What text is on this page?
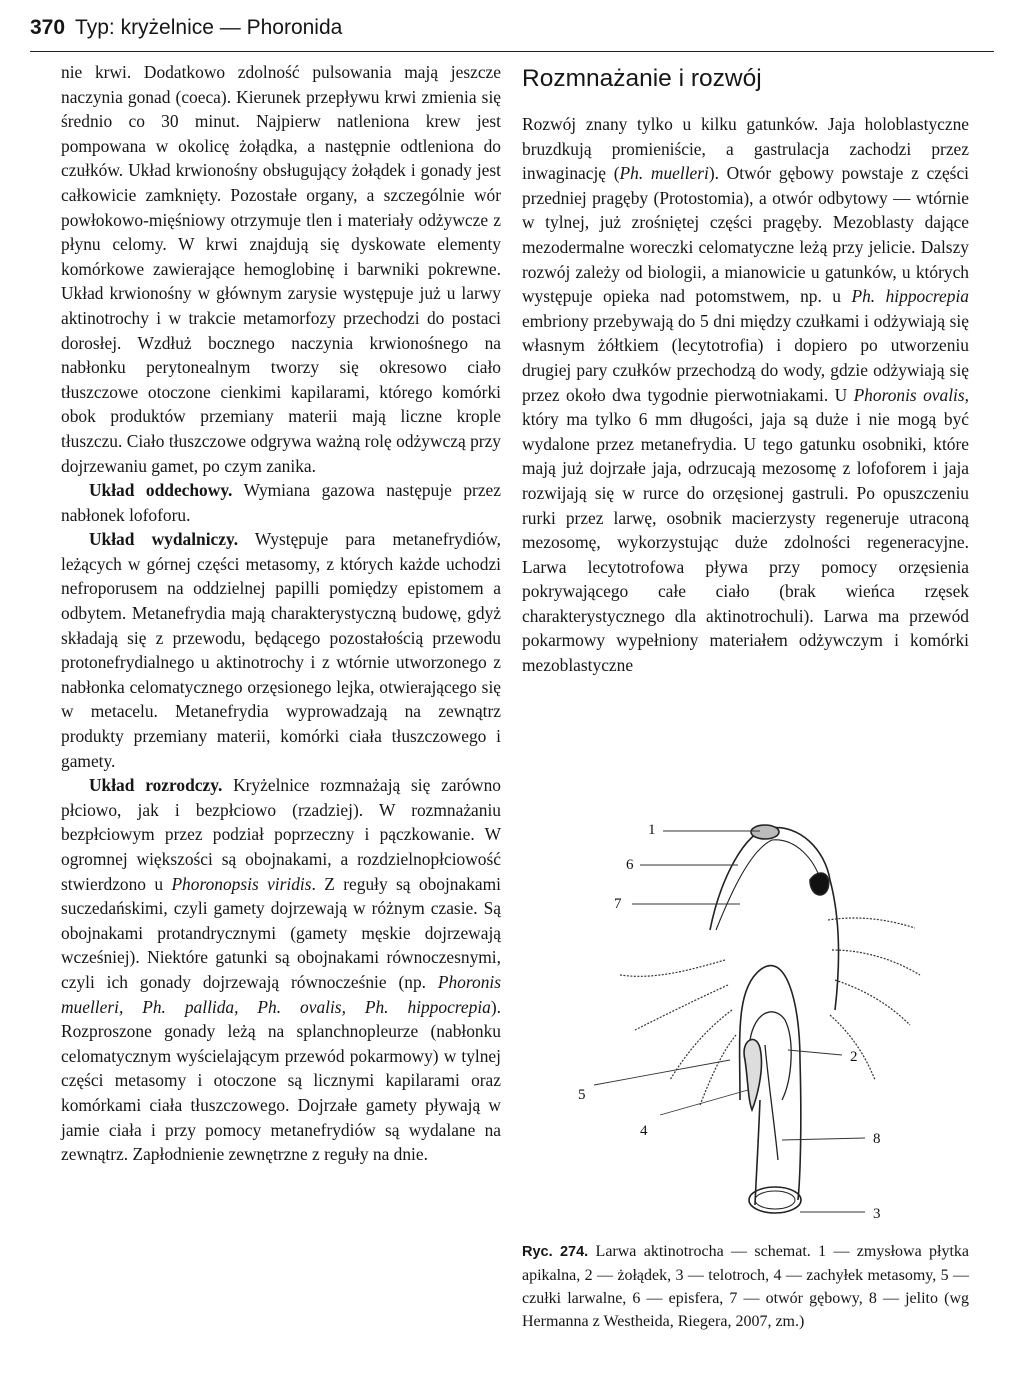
370 Typ: kryżelnice — Phoronida

nie krwi. Dodatkowo zdolność pulsowania mają jeszcze naczynia gonad (coeca). Kierunek przepływu krwi zmienia się średnio co 30 minut. Najpierw natleniona krew jest pompowana w okolicę żołądka, a następnie odtleniona do czułków. Układ krwionośny obsługujący żołądek i gonady jest całkowicie zamknięty. Pozostałe organy, a szczególnie wór powłokowo-mięśniowy otrzymuje tlen i materiały odżywcze z płynu celomy. W krwi znajdują się dyskowate elementy komórkowe zawierające hemoglobinę i barwniki pokrewne. Układ krwionośny w głównym zarysie występuje już u larwy aktinotrochy i w trakcie metamorfozy przechodzi do postaci dorosłej. Wzdłuż bocznego naczynia krwionośnego na nabłonku perytonealnym tworzy się okresowo ciało tłuszczowe otoczone cienkimi kapilarami, którego komórki obok produktów przemiany materii mają liczne krople tłuszczu. Ciało tłuszczowe odgrywa ważną rolę odżywczą przy dojrzewaniu gamet, po czym zanika.

Układ oddechowy. Wymiana gazowa następuje przez nabłonek lofoforu.

Układ wydalniczy. Występuje para metanefrydiów, leżących w górnej części metasomy, z których każde uchodzi nefroporusem na oddzielnej papilli pomiędzy epistomem a odbytem. Metanefrydia mają charakterystyczną budowę, gdyż składają się z przewodu, będącego pozostałością przewodu protonefrydialnego u aktinotrochy i z wtórnie utworzonego z nabłonka celomatycznego orzęsionego lejka, otwierającego się w metacelu. Metanefrydia wyprowadzają na zewnątrz produkty przemiany materii, komórki ciała tłuszczowego i gamety.

Układ rozrodczy. Kryżelnice rozmnażają się zarówno płciowo, jak i bezpłciowo (rzadziej). W rozmnażaniu bezpłciowym przez podział poprzeczny i pączkowanie. W ogromnej większości są obojnakami, a rozdzielnopłciowość stwierdzono u Phoronopsis viridis. Z reguły są obojnakami suczedańskimi, czyli gamety dojrzewają w różnym czasie. Są obojnakami protandrycznymi (gamety męskie dojrzewają wcześniej). Niektóre gatunki są obojnakami równoczesnymi, czyli ich gonady dojrzewają równocześnie (np. Phoronis muelleri, Ph. pallida, Ph. ovalis, Ph. hippocrepia). Rozproszone gonady leżą na splanchnopleurze (nabłonku celomatycznym wyścielającym przewód pokarmowy) w tylnej części metasomy i otoczone są licznymi kapilarami oraz komórkami ciała tłuszczowego. Dojrzałe gamety pływają w jamie ciała i przy pomocy metanefrydiów są wydalane na zewnątrz. Zapłodnienie zewnętrzne z reguły na dnie.

Rozmnażanie i rozwój

Rozwój znany tylko u kilku gatunków. Jaja holoblastyczne bruzdkują promieniście, a gastrulacja zachodzi przez inwaginację (Ph. muelleri). Otwór gębowy powstaje z części przedniej pragęby (Protostomia), a otwór odbytowy — wtórnie w tylnej, już zrośniętej części pragęby. Mezoblasty dające mezodermalne woreczki celomatyczne leżą przy jelicie. Dalszy rozwój zależy od biologii, a mianowicie u gatunków, u których występuje opieka nad potomstwem, np. u Ph. hippocrepia embriony przebywają do 5 dni między czułkami i odżywiają się własnym żółtkiem (lecytotrofia) i dopiero po utworzeniu drugiej pary czułków przechodzą do wody, gdzie odżywiają się przez około dwa tygodnie pierwotniakami. U Phoronis ovalis, który ma tylko 6 mm długości, jaja są duże i nie mogą być wydalone przez metanefrydia. U tego gatunku osobniki, które mają już dojrzałe jaja, odrzucają mezosomę z lofoforem i jaja rozwijają się w rurce do orzęsionej gastruli. Po opuszczeniu rurki przez larwę, osobnik macierzysty regeneruje utraconą mezosomę, wykorzystując duże zdolności regeneracyjne. Larwa lecytotrofowa pływa przy pomocy orzęsienia pokrywającego całe ciało (brak wieńca rzęsek charakterystycznego dla aktinotrochuli). Larwa ma przewód pokarmowy wypełniony materiałem odżywczym i komórki mezoblastyczne

1
6
7
2
5
4	8
3
Ryc. 274. Larwa aktinotrocha — schemat. 1 — zmysłowa płytka apikalna, 2 — żołądek, 3 — telotroch, 4 — zachyłek metasomy, 5 — czułki larwalne, 6 — episfera, 7 — otwór gębowy, 8 — jelito (wg Hermanna z Westheida, Riegera, 2007, zm.)
